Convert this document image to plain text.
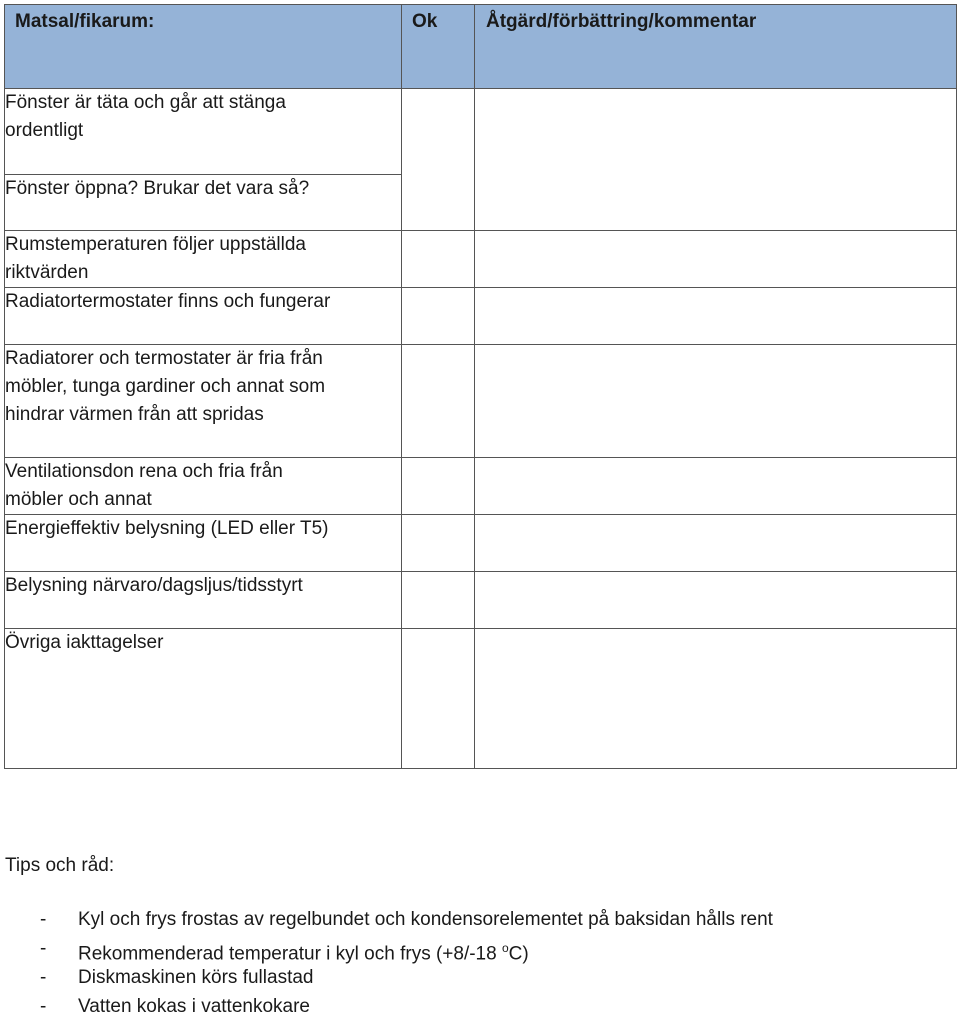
Matsal/fikarum:	Ok	Åtgärd/förbättring/kommentar

Fönster är täta och går att stänga
ordentligt		

Fönster öppna? Brukar det vara så?		

Rumstemperaturen följer uppställda
riktvärden		

Radiatortermostater finns och fungerar		

Radiatorer och termostater är fria från
möbler, tunga gardiner och annat som
hindrar värmen från att spridas		

Ventilationsdon rena och fria från
möbler och annat		

Energieffektiv belysning (LED eller T5)		

Belysning närvaro/dagsljus/tidsstyrt		

Övriga iakttagelser		

Tips och råd:
- Kyl och frys frostas av regelbundet och kondensorelementet på baksidan hålls rent
- Rekommenderad temperatur i kyl och frys (+8/-18 $^o$C)
- Diskmaskinen körs fullastad
- Vatten kokas i vattenkokare
